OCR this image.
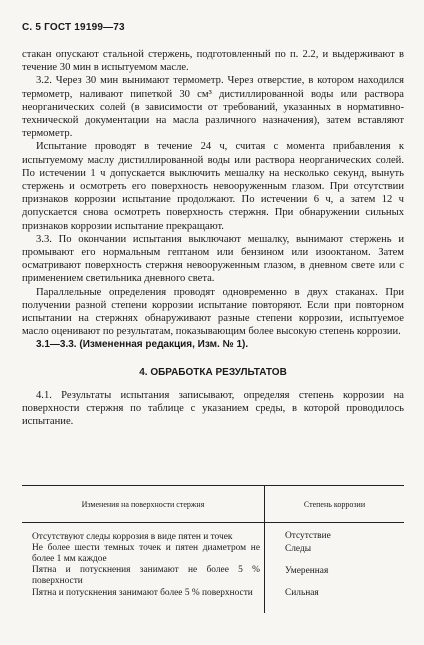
С. 5 ГОСТ 19199—73

стакан опускают стальной стержень, подготовленный по п. 2.2, и выдерживают в течение 30 мин в испытуемом масле.

3.2. Через 30 мин вынимают термометр. Через отверстие, в котором находился термометр, наливают пипеткой 30 см³ дистиллированной воды или раствора неорганических солей (в зависимости от требований, указанных в нормативно-технической документации на масла различного назначения), затем вставляют термометр.

Испытание проводят в течение 24 ч, считая с момента прибавления к испытуемому маслу дистиллированной воды или раствора неорганических солей. По истечении 1 ч допускается выключить мешалку на несколько секунд, вынуть стержень и осмотреть его поверхность невооруженным глазом. При отсутствии признаков коррозии испытание продолжают. По истечении 6 ч, а затем 12 ч допускается снова осмотреть поверхность стержня. При обнаружении сильных признаков коррозии испытание прекращают.

3.3. По окончании испытания выключают мешалку, вынимают стержень и промывают его нормальным гептаном или бензином или изооктаном. Затем осматривают поверхность стержня невооруженным глазом, в дневном свете или с применением светильника дневного света.

Параллельные определения проводят одновременно в двух стаканах. При получении разной степени коррозии испытание повторяют. Если при повторном испытании на стержнях обнаруживают разные степени коррозии, испытуемое масло оценивают по результатам, показывающим более высокую степень коррозии.

3.1—3.3. (Измененная редакция, Изм. № 1).

4. ОБРАБОТКА РЕЗУЛЬТАТОВ

4.1. Результаты испытания записывают, определяя степень коррозии на поверхности стержня по таблице с указанием среды, в которой проводилось испытание.

Изменения на поверхности стержня	Степень коррозии
Отсутствуют следы коррозия в виде пятен и точек	Отсутствие
Не более шести темных точек и пятен диаметром не более 1 мм каждое	Следы
Пятна и потускнения занимают не более 5 % поверхности	Умеренная
Пятна и потускнения занимают более 5 % поверхности	Сильная
